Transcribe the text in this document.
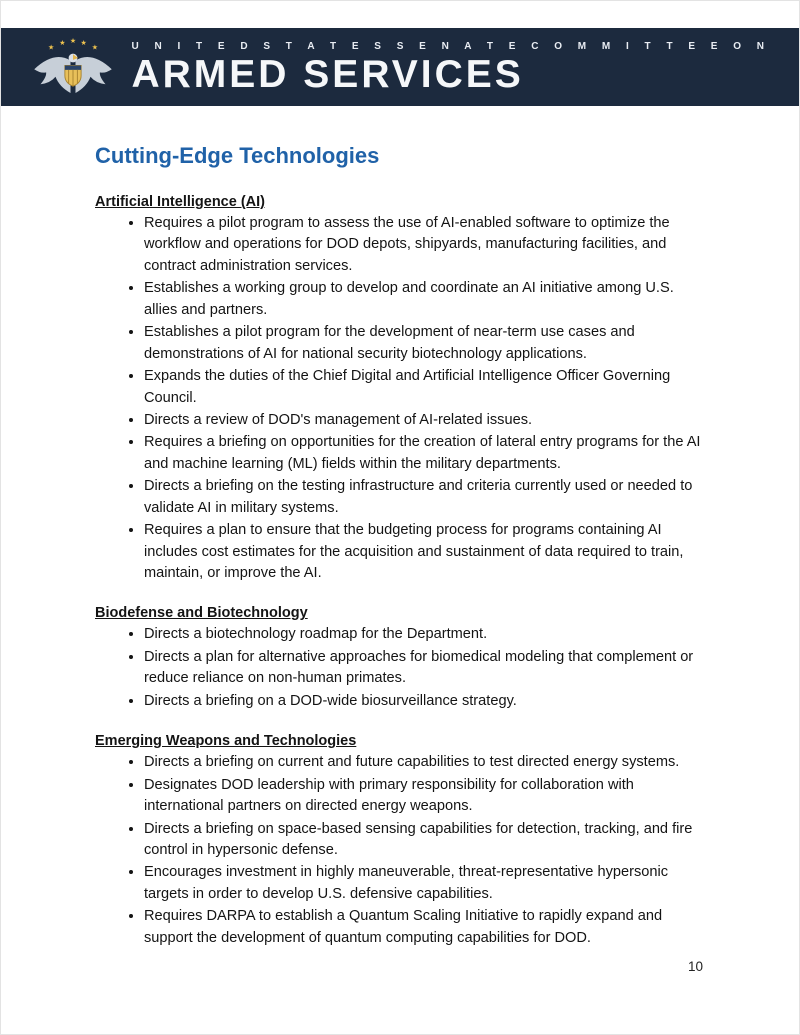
★
★ ★ ★
★	U N I T E D S T A T E S S E N A T E C O M M I T T E E O N
ARMED SERVICES
Cutting-Edge Technologies
Artificial Intelligence (AI)
• Requires a pilot program to assess the use of AI-enabled software to optimize the workflow and operations for DOD depots, shipyards, manufacturing facilities, and contract administration services.
• Establishes a working group to develop and coordinate an AI initiative among U.S. allies and partners.
• Establishes a pilot program for the development of near-term use cases and demonstrations of AI for national security biotechnology applications.
• Expands the duties of the Chief Digital and Artificial Intelligence Officer Governing Council.
• Directs a review of DOD's management of AI-related issues.
• Requires a briefing on opportunities for the creation of lateral entry programs for the AI and machine learning (ML) fields within the military departments.
• Directs a briefing on the testing infrastructure and criteria currently used or needed to validate AI in military systems.
• Requires a plan to ensure that the budgeting process for programs containing AI includes cost estimates for the acquisition and sustainment of data required to train, maintain, or improve the AI.
Biodefense and Biotechnology
• Directs a biotechnology roadmap for the Department.
• Directs a plan for alternative approaches for biomedical modeling that complement or reduce reliance on non-human primates.
• Directs a briefing on a DOD-wide biosurveillance strategy.
Emerging Weapons and Technologies
• Directs a briefing on current and future capabilities to test directed energy systems.
• Designates DOD leadership with primary responsibility for collaboration with international partners on directed energy weapons.
• Directs a briefing on space-based sensing capabilities for detection, tracking, and fire control in hypersonic defense.
• Encourages investment in highly maneuverable, threat-representative hypersonic targets in order to develop U.S. defensive capabilities.
• Requires DARPA to establish a Quantum Scaling Initiative to rapidly expand and support the development of quantum computing capabilities for DOD.
10
